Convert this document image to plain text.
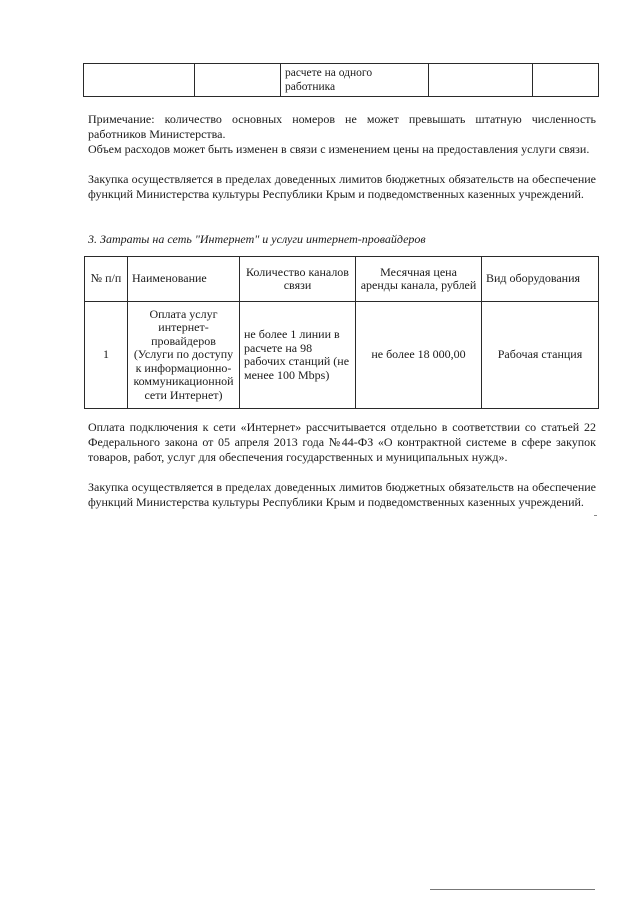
		расчете на одного работника		

Примечание: количество основных номеров не может превышать штатную численность работников Министерства.

Объем расходов может быть изменен в связи с изменением цены на предоставления услуги связи.

Закупка осуществляется в пределах доведенных лимитов бюджетных обязательств на обеспечение функций Министерства культуры Республики Крым и подведомственных казенных учреждений.

3. Затраты на сеть "Интернет" и услуги интернет-провайдеров

№ п/п	Наименование	Количество каналов связи	Месячная цена аренды канала, рублей	Вид оборудования
1	Оплата услуг интернет-провайдеров (Услуги по доступу к информационно-коммуникационной сети Интернет)	не более 1 линии в расчете на 98 рабочих станций (не менее 100 Mbps)	не более 18 000,00	Рабочая станция

Оплата подключения к сети «Интернет» рассчитывается отдельно в соответствии со статьей 22 Федерального закона от 05 апреля 2013 года №44-ФЗ «О контрактной системе в сфере закупок товаров, работ, услуг для обеспечения государственных и муниципальных нужд».

Закупка осуществляется в пределах доведенных лимитов бюджетных обязательств на обеспечение функций Министерства культуры Республики Крым и подведомственных казенных учреждений.
